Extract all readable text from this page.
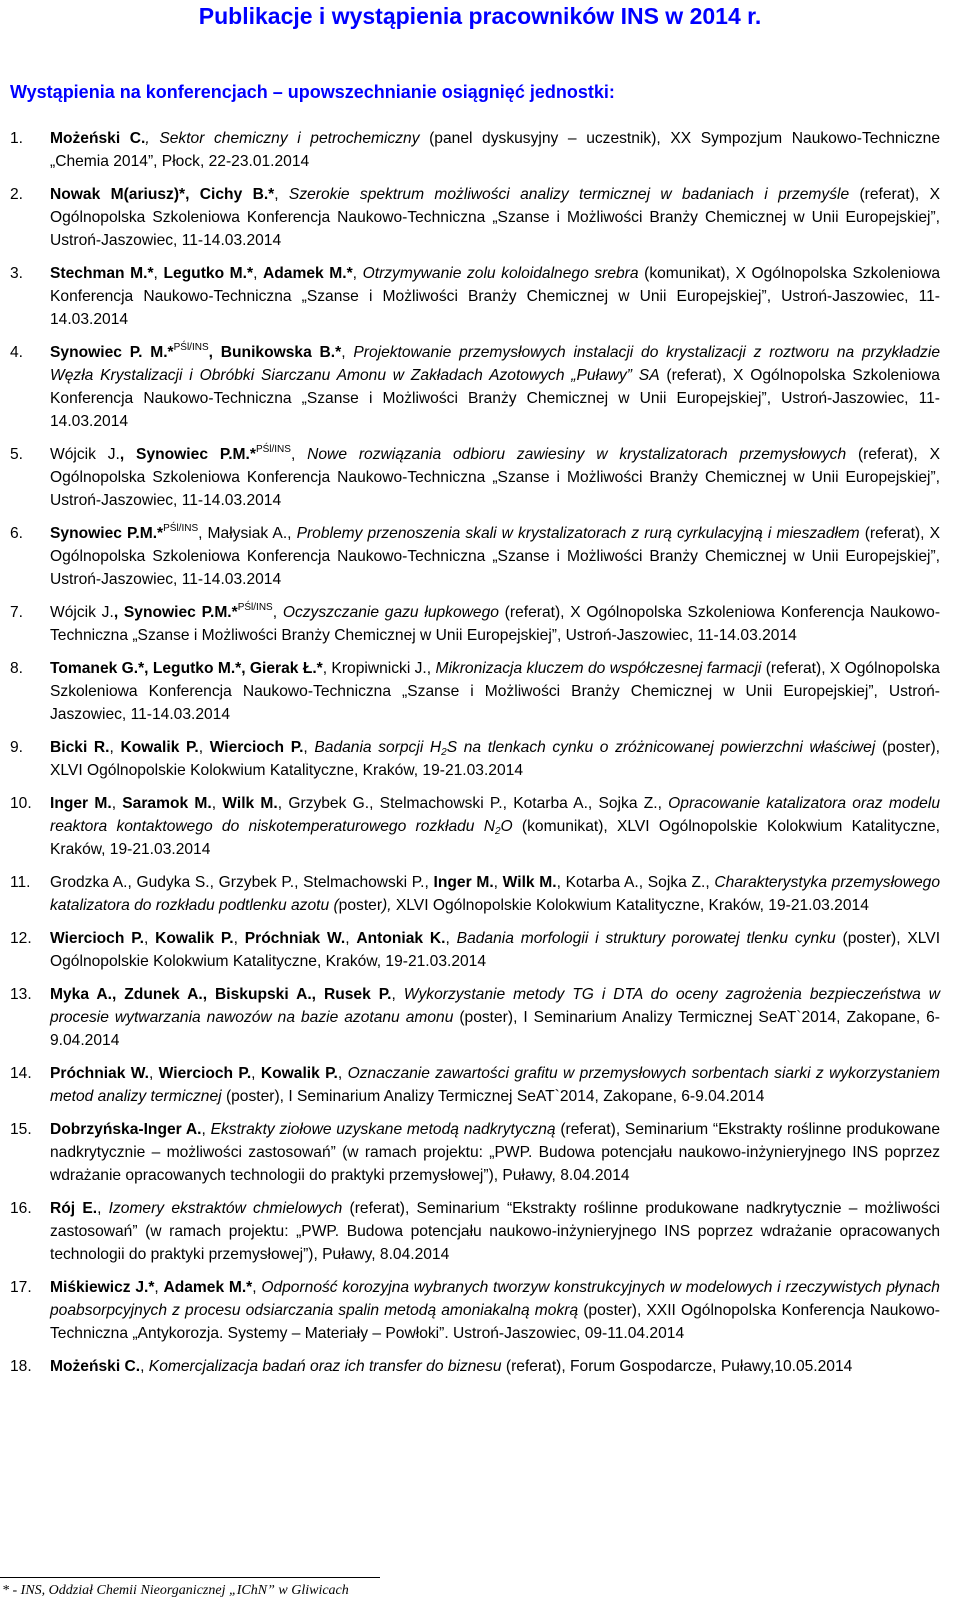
Publikacje i wystąpienia pracowników INS w 2014 r.
Wystąpienia na konferencjach – upowszechnianie osiągnięć jednostki:
1. Możeński C., Sektor chemiczny i petrochemiczny (panel dyskusyjny – uczestnik), XX Sympozjum Naukowo-Techniczne „Chemia 2014”, Płock, 22-23.01.2014
2. Nowak M(ariusz)*, Cichy B.*, Szerokie spektrum możliwości analizy termicznej w badaniach i przemyśle (referat), X Ogólnopolska Szkoleniowa Konferencja Naukowo-Techniczna „Szanse i Możliwości Branży Chemicznej w Unii Europejskiej”, Ustroń-Jaszowiec, 11-14.03.2014
3. Stechman M.*, Legutko M.*, Adamek M.*, Otrzymywanie zolu koloidalnego srebra (komunikat), X Ogólnopolska Szkoleniowa Konferencja Naukowo-Techniczna „Szanse i Możliwości Branży Chemicznej w Unii Europejskiej”, Ustroń-Jaszowiec, 11-14.03.2014
4. Synowiec P. M.*$^{PŚl/INS}$, Bunikowska B.*, Projektowanie przemysłowych instalacji do krystalizacji z roztworu na przykładzie Węzła Krystalizacji i Obróbki Siarczanu Amonu w Zakładach Azotowych „Puławy” SA (referat), X Ogólnopolska Szkoleniowa Konferencja Naukowo-Techniczna „Szanse i Możliwości Branży Chemicznej w Unii Europejskiej”, Ustroń-Jaszowiec, 11-14.03.2014
5. Wójcik J., Synowiec P.M.*$^{PŚl/INS}$, Nowe rozwiązania odbioru zawiesiny w krystalizatorach przemysłowych (referat), X Ogólnopolska Szkoleniowa Konferencja Naukowo-Techniczna „Szanse i Możliwości Branży Chemicznej w Unii Europejskiej”, Ustroń-Jaszowiec, 11-14.03.2014
6. Synowiec P.M.*$^{PŚl/INS}$, Małysiak A., Problemy przenoszenia skali w krystalizatorach z rurą cyrkulacyjną i mieszadłem (referat), X Ogólnopolska Szkoleniowa Konferencja Naukowo-Techniczna „Szanse i Możliwości Branży Chemicznej w Unii Europejskiej”, Ustroń-Jaszowiec, 11-14.03.2014
7. Wójcik J., Synowiec P.M.*$^{PŚl/INS}$, Oczyszczanie gazu łupkowego (referat), X Ogólnopolska Szkoleniowa Konferencja Naukowo-Techniczna „Szanse i Możliwości Branży Chemicznej w Unii Europejskiej”, Ustroń-Jaszowiec, 11-14.03.2014
8. Tomanek G.*, Legutko M.*, Gierak Ł.*, Kropiwnicki J., Mikronizacja kluczem do współczesnej farmacji (referat), X Ogólnopolska Szkoleniowa Konferencja Naukowo-Techniczna „Szanse i Możliwości Branży Chemicznej w Unii Europejskiej”, Ustroń-Jaszowiec, 11-14.03.2014
9. Bicki R., Kowalik P., Wiercioch P., Badania sorpcji $H_2S$ na tlenkach cynku o zróżnicowanej powierzchni właściwej (poster), XLVI Ogólnopolskie Kolokwium Katalityczne, Kraków, 19-21.03.2014
10. Inger M., Saramok M., Wilk M., Grzybek G., Stelmachowski P., Kotarba A., Sojka Z., Opracowanie katalizatora oraz modelu reaktora kontaktowego do niskotemperaturowego rozkładu $N_2O$ (komunikat), XLVI Ogólnopolskie Kolokwium Katalityczne, Kraków, 19-21.03.2014
11. Grodzka A., Gudyka S., Grzybek P., Stelmachowski P., Inger M., Wilk M., Kotarba A., Sojka Z., Charakterystyka przemysłowego katalizatora do rozkładu podtlenku azotu (poster), XLVI Ogólnopolskie Kolokwium Katalityczne, Kraków, 19-21.03.2014
12. Wiercioch P., Kowalik P., Próchniak W., Antoniak K., Badania morfologii i struktury porowatej tlenku cynku (poster), XLVI Ogólnopolskie Kolokwium Katalityczne, Kraków, 19-21.03.2014
13. Myka A., Zdunek A., Biskupski A., Rusek P., Wykorzystanie metody TG i DTA do oceny zagrożenia bezpieczeństwa w procesie wytwarzania nawozów na bazie azotanu amonu (poster), I Seminarium Analizy Termicznej SeAT`2014, Zakopane, 6-9.04.2014
14. Próchniak W., Wiercioch P., Kowalik P., Oznaczanie zawartości grafitu w przemysłowych sorbentach siarki z wykorzystaniem metod analizy termicznej (poster), I Seminarium Analizy Termicznej SeAT`2014, Zakopane, 6-9.04.2014
15. Dobrzyńska-Inger A., Ekstrakty ziołowe uzyskane metodą nadkrytyczną (referat), Seminarium “Ekstrakty roślinne produkowane nadkrytycznie – możliwości zastosowań” (w ramach projektu: „PWP. Budowa potencjału naukowo-inżynieryjnego INS poprzez wdrażanie opracowanych technologii do praktyki przemysłowej”), Puławy, 8.04.2014
16. Rój E., Izomery ekstraktów chmielowych (referat), Seminarium “Ekstrakty roślinne produkowane nadkrytycznie – możliwości zastosowań” (w ramach projektu: „PWP. Budowa potencjału naukowo-inżynieryjnego INS poprzez wdrażanie opracowanych technologii do praktyki przemysłowej”), Puławy, 8.04.2014
17. Miśkiewicz J.*, Adamek M.*, Odporność korozyjna wybranych tworzyw konstrukcyjnych w modelowych i rzeczywistych płynach poabsorpcyjnych z procesu odsiarczania spalin metodą amoniakalną mokrą (poster), XXII Ogólnopolska Konferencja Naukowo-Techniczna „Antykorozja. Systemy – Materiały – Powłoki”. Ustroń-Jaszowiec, 09-11.04.2014
18. Możeński C., Komercjalizacja badań oraz ich transfer do biznesu (referat), Forum Gospodarcze, Puławy,10.05.2014
* - INS, Oddział Chemii Nieorganicznej „IChN” w Gliwicach
